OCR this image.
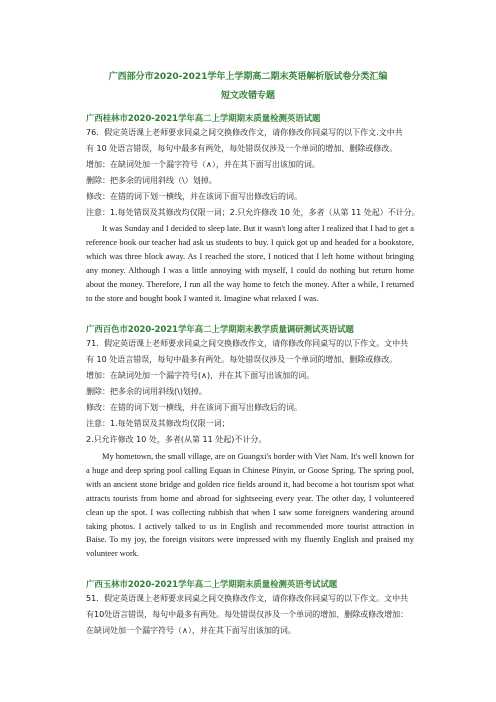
广西部分市2020-2021学年上学期高二期末英语解析版试卷分类汇编
短文改错专题
广西桂林市2020-2021学年高二上学期期末质量检测英语试题
76．假定英语课上老师要求同桌之间交换修改作文，请你修改你同桌写的以下作文.文中共
有 10 处语言错误，每句中最多有两处，每处错误仅涉及一个单词的增加、删除或修改。
增加：在缺词处加一个漏字符号（∧），并在其下面写出该加的词。
删除：把多余的词用斜线（\）划掉。
修改：在错的词下划一横线，并在该词下面写出修改后的词。
注意：1.每处错误及其修改均仅限一词；2.只允许修改 10 处，多者（从第 11 处起）不计分。
It was Sunday and I decided to sleep late. But it wasn't long after I realized that I had to get a reference book our teacher had ask us students to buy. I quick got up and headed for a bookstore, which was three block away. As I reached the store, I noticed that I left home without bringing any money. Although I was a little annoying with myself, I could do nothing but return home about the money. Therefore, I run all the way home to fetch the money. After a while, I returned to the store and bought book I wanted it. Imagine what relaxed I was.
广西百色市2020-2021学年高二上学期期末教学质量调研测试英语试题
71．假定英语课上老师要求同桌之间交换修改作文，请你修改你同桌写的以下作文。文中共
有 10 处语言错误，每句中最多有两处。每处错误仅涉及一个单词的增加、删除或修改。
增加：在缺词处加一个漏字符号(∧)，并在其下面写出该加的词。
删除：把多余的词用斜线(\)划掉。
修改：在错的词下划一横线，并在该词下面写出修改后的词。
注意：1.每处错误及其修改均仅限一词；
2.只允许修改 10 处，多者(从第 11 处起)不计分。
My hometown, the small village, are on Guangxi's border with Viet Nam. It's well known for a huge and deep spring pool calling Equan in Chinese Pinyin, or Goose Spring. The spring pool, with an ancient stone bridge and golden rice fields around it, had become a hot tourism spot what attracts tourists from home and abroad for sightseeing every year. The other day, I volunteered clean up the spot. I was collecting rubbish that when I saw some foreigners wandering around taking photos. I actively talked to us in English and recommended more tourist attraction in Baise. To my joy, the foreign visitors were impressed with my fluently English and praised my volunteer work.
广西玉林市2020-2021学年高二上学期期末质量检测英语考试试题
51．假定英语课上老师要求同桌之间交换修改作文，请你修改你同桌写的以下作文。文中共
有10处语言错误，每句中最多有两处。每处错误仅涉及一个单词的增加、删除或修改增加：
在缺词处加一个漏字符号（∧），并在其下面写出该加的词。
